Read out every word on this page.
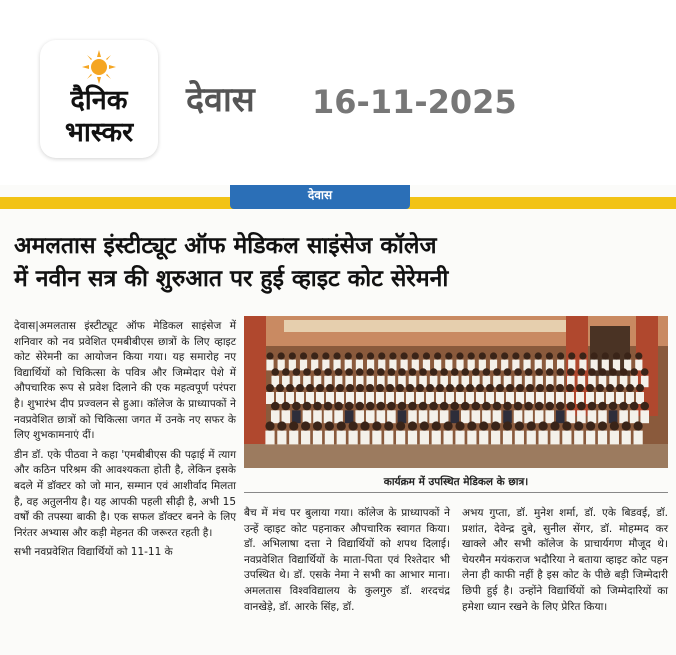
दैनिक
भास्कर
देवास 16-11-2025
देवास
अमलतास इंस्टीट्यूट ऑफ मेडिकल साइंसेज कॉलेज
में नवीन सत्र की शुरुआत पर हुई व्हाइट कोट सेरेमनी

देवास|अमलतास इंस्टीट्यूट ऑफ मेडिकल साइंसेज में शनिवार को नव प्रवेशित एमबीबीएस छात्रों के लिए व्हाइट कोट सेरेमनी का आयोजन किया गया। यह समारोह नए विद्यार्थियों को चिकित्सा के पवित्र और जिम्मेदार पेशे में औपचारिक रूप से प्रवेश दिलाने की एक महत्वपूर्ण परंपरा है। शुभारंभ दीप प्रज्वलन से हुआ। कॉलेज के प्राध्यापकों ने नवप्रवेशित छात्रों को चिकित्सा जगत में उनके नए सफर के लिए शुभकामनाएं दीं।

डीन डॉ. एके पीठवा ने कहा 'एमबीबीएस की पढ़ाई में त्याग और कठिन परिश्रम की आवश्यकता होती है, लेकिन इसके बदले में डॉक्टर को जो मान, सम्मान एवं आशीर्वाद मिलता है, वह अतुलनीय है। यह आपकी पहली सीढ़ी है, अभी 15 वर्षों की तपस्या बाकी है। एक सफल डॉक्टर बनने के लिए निरंतर अभ्यास और कड़ी मेहनत की जरूरत रहती है।

सभी नवप्रवेशित विद्यार्थियों को 11-11 के

कार्यक्रम में उपस्थित मेडिकल के छात्र।
बैच में मंच पर बुलाया गया। कॉलेज के प्राध्यापकों ने उन्हें व्हाइट कोट पहनाकर औपचारिक स्वागत किया। डॉ. अभिलाषा दत्ता ने विद्यार्थियों को शपथ दिलाई। नवप्रवेशित विद्यार्थियों के माता-पिता एवं रिश्तेदार भी उपस्थित थे। डॉ. एसके नेमा ने सभी का आभार माना। अमलतास विश्वविद्यालय के कुलगुरु डॉ. शरदचंद्र वानखेड़े, डॉ. आरके सिंह, डॉ.
अभय गुप्ता, डॉ. मुनेश शर्मा, डॉ. एके बिडवई, डॉ. प्रशांत, देवेन्द्र दुबे, सुनील सेंगर, डॉ. मोहम्मद कर खाक्ले और सभी कॉलेज के प्राचार्यगण मौजूद थे। चेयरमैन मयंकराज भदौरिया ने बताया व्हाइट कोट पहन लेना ही काफी नहीं है इस कोट के पीछे बड़ी जिम्मेदारी छिपी हुई है। उन्होंने विद्यार्थियों को जिम्मेदारियों का हमेशा ध्यान रखने के लिए प्रेरित किया।
